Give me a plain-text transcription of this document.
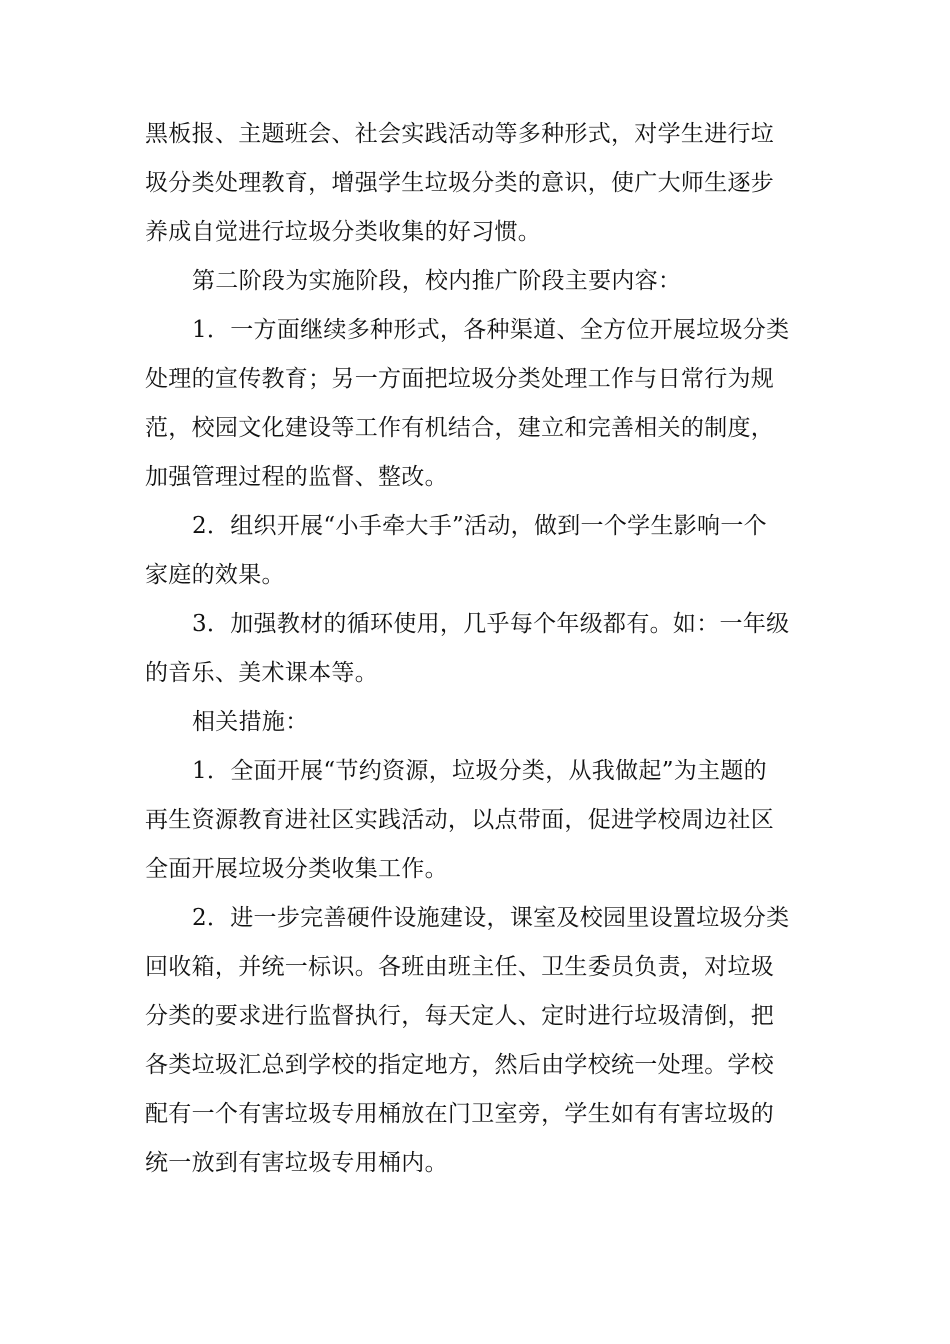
黑板报、主题班会、社会实践活动等多种形式，对学生进行垃
圾分类处理教育，增强学生垃圾分类的意识，使广大师生逐步
养成自觉进行垃圾分类收集的好习惯。
第二阶段为实施阶段，校内推广阶段主要内容：
1．一方面继续多种形式，各种渠道、全方位开展垃圾分类
处理的宣传教育；另一方面把垃圾分类处理工作与日常行为规
范，校园文化建设等工作有机结合，建立和完善相关的制度，
加强管理过程的监督、整改。
2．组织开展“小手牵大手”活动，做到一个学生影响一个
家庭的效果。
3．加强教材的循环使用，几乎每个年级都有。如：一年级
的音乐、美术课本等。
相关措施：
1．全面开展“节约资源，垃圾分类，从我做起”为主题的
再生资源教育进社区实践活动，以点带面，促进学校周边社区
全面开展垃圾分类收集工作。
2．进一步完善硬件设施建设，课室及校园里设置垃圾分类
回收箱，并统一标识。各班由班主任、卫生委员负责，对垃圾
分类的要求进行监督执行，每天定人、定时进行垃圾清倒，把
各类垃圾汇总到学校的指定地方，然后由学校统一处理。学校
配有一个有害垃圾专用桶放在门卫室旁，学生如有有害垃圾的
统一放到有害垃圾专用桶内。
